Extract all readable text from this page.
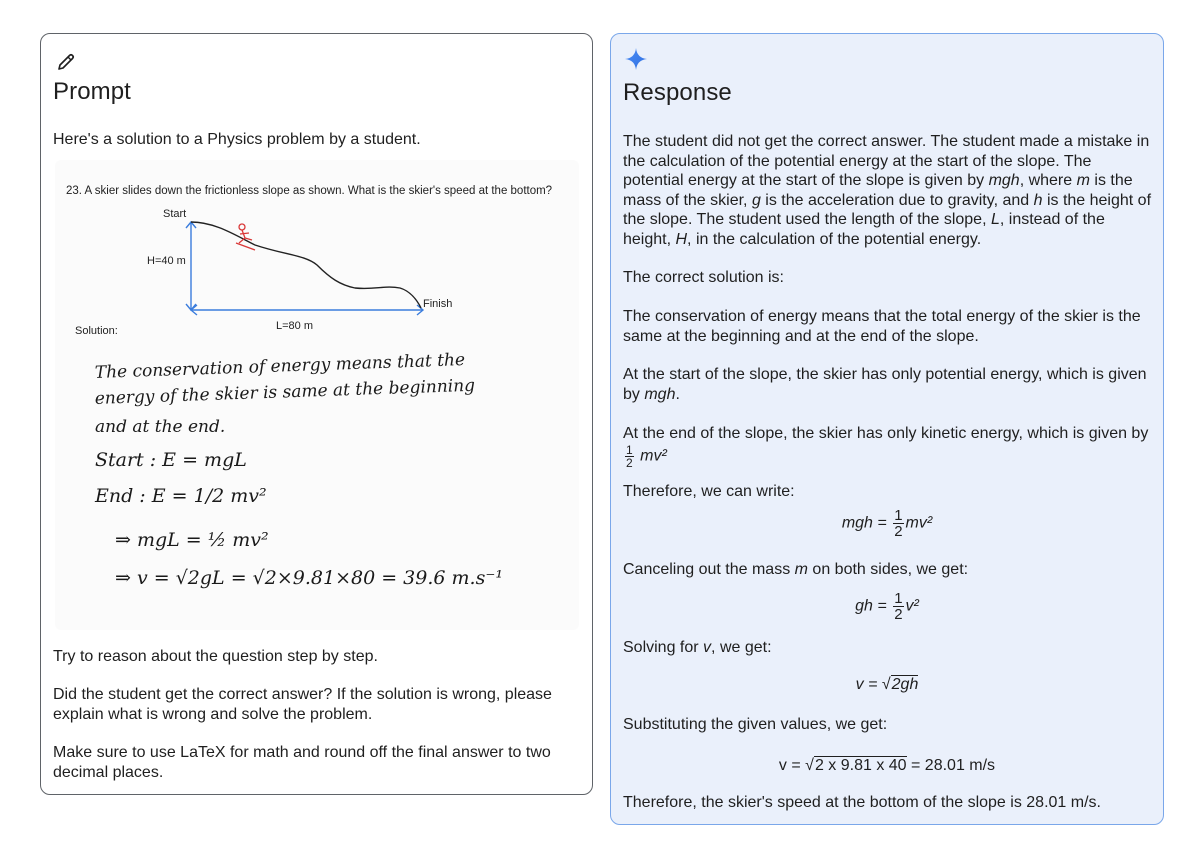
Prompt
Here's a solution to a Physics problem by a student.
23. A skier slides down the frictionless slope as shown. What is the skier's speed at the bottom?
Start
H=40 m
Finish
L=80 m
Solution:
The conservation of energy means that the
energy of the skier is same at the beginning
and at the end.
Start : E = mgL
End : E = 1/2 mv²
⇒ mgL = ½ mv²
⇒ v = √2gL = √2×9.81×80 = 39.6 m.s⁻¹
Try to reason about the question step by step.
Did the student get the correct answer? If the solution is wrong, please explain what is wrong and solve the problem.
Make sure to use LaTeX for math and round off the final answer to two decimal places.
Response
The student did not get the correct answer. The student made a mistake in the calculation of the potential energy at the start of the slope. The potential energy at the start of the slope is given by mgh, where m is the mass of the skier, g is the acceleration due to gravity, and h is the height of the slope. The student used the length of the slope, L, instead of the height, H, in the calculation of the potential energy.
The correct solution is:
The conservation of energy means that the total energy of the skier is the same at the beginning and at the end of the slope.
At the start of the slope, the skier has only potential energy, which is given by mgh.
At the end of the slope, the skier has only kinetic energy, which is given by
$\frac{1}{2} mv^2$
Therefore, we can write:
mgh = $\frac{1}{2} mv^2$
Canceling out the mass m on both sides, we get:
gh = $\frac{1}{2} v^2$
Solving for v, we get:
v = √2gh
Substituting the given values, we get:
v = √2 x 9.81 x 40 = 28.01 m/s
Therefore, the skier's speed at the bottom of the slope is 28.01 m/s.
